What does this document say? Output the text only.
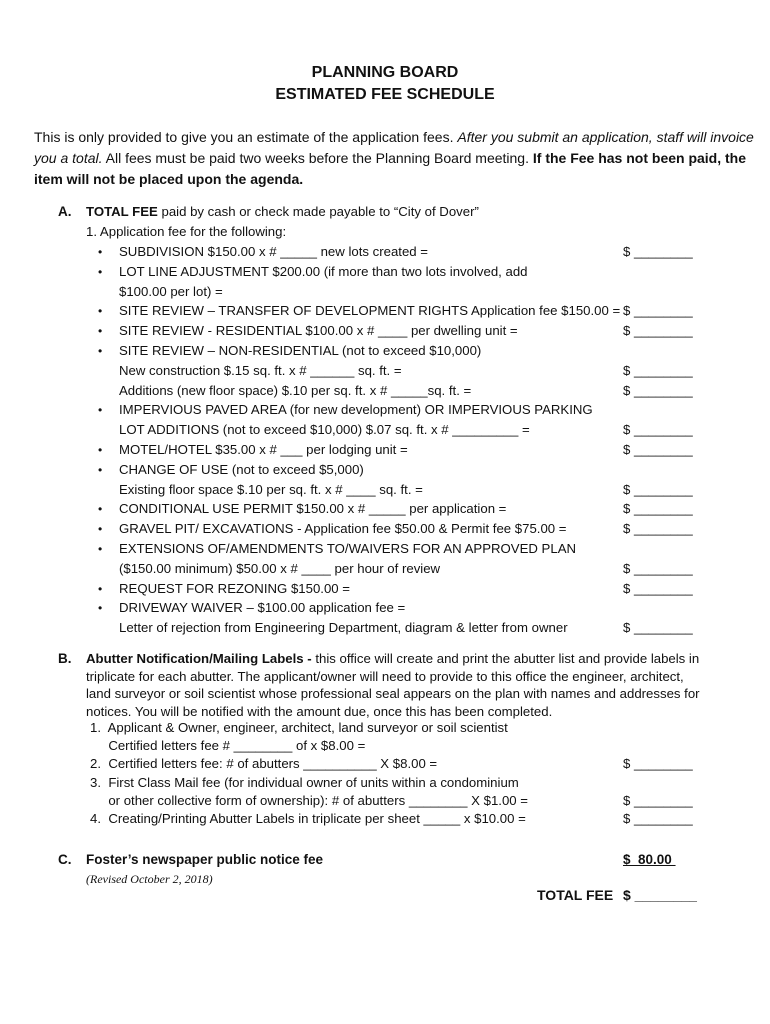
PLANNING BOARD
ESTIMATED FEE SCHEDULE
This is only provided to give you an estimate of the application fees. After you submit an application, staff will invoice you a total. All fees must be paid two weeks before the Planning Board meeting. If the Fee has not been paid, the item will not be placed upon the agenda.
A. TOTAL FEE paid by cash or check made payable to “City of Dover”
1. Application fee for the following:
• SUBDIVISION $150.00 x # _____ new lots created =	$ ________
• LOT LINE ADJUSTMENT $200.00 (if more than two lots involved, add
$100.00 per lot) =
• SITE REVIEW – TRANSFER OF DEVELOPMENT RIGHTS Application fee $150.00 = $ ________
• SITE REVIEW - RESIDENTIAL $100.00 x # ____ per dwelling unit =	$ ________
• SITE REVIEW – NON-RESIDENTIAL (not to exceed $10,000)
New construction $.15 sq. ft. x # ______ sq. ft. =	$ ________
Additions (new floor space) $.10 per sq. ft. x # _____sq. ft. =	$ ________
• IMPERVIOUS PAVED AREA (for new development) OR IMPERVIOUS PARKING
LOT ADDITIONS (not to exceed $10,000) $.07 sq. ft. x # _________ =	$ ________
• MOTEL/HOTEL $35.00 x # ___ per lodging unit =	$ ________
• CHANGE OF USE (not to exceed $5,000)
Existing floor space $.10 per sq. ft. x # ____ sq. ft. =	$ ________
• CONDITIONAL USE PERMIT $150.00 x # _____ per application =	$ ________
• GRAVEL PIT/ EXCAVATIONS - Application fee $50.00 & Permit fee $75.00 =	$ ________
• EXTENSIONS OF/AMENDMENTS TO/WAIVERS FOR AN APPROVED PLAN
($150.00 minimum) $50.00 x # ____ per hour of review	$ ________
• REQUEST FOR REZONING $150.00 =	$ ________
• DRIVEWAY WAIVER – $100.00 application fee =
Letter of rejection from Engineering Department, diagram & letter from owner	$ ________
B. Abutter Notification/Mailing Labels - this office will create and print the abutter list and provide labels in triplicate for each abutter. The applicant/owner will need to provide to this office the engineer, architect, land surveyor or soil scientist whose professional seal appears on the plan with names and addresses for notices. You will be notified with the amount due, once this has been completed.
1.  Applicant & Owner, engineer, architect, land surveyor or soil scientist
Certified letters fee # ________ of x $8.00 =
2.  Certified letters fee: # of abutters __________ X $8.00 =	$ ________
3.  First Class Mail fee (for individual owner of units within a condominium
or other collective form of ownership): # of abutters ________ X $1.00 =	$ ________
4.  Creating/Printing Abutter Labels in triplicate per sheet _____ x $10.00 =	$ ________
C. Foster’s newspaper public notice fee	$  80.00
(Revised October 2, 2018)
TOTAL FEE $ ________
